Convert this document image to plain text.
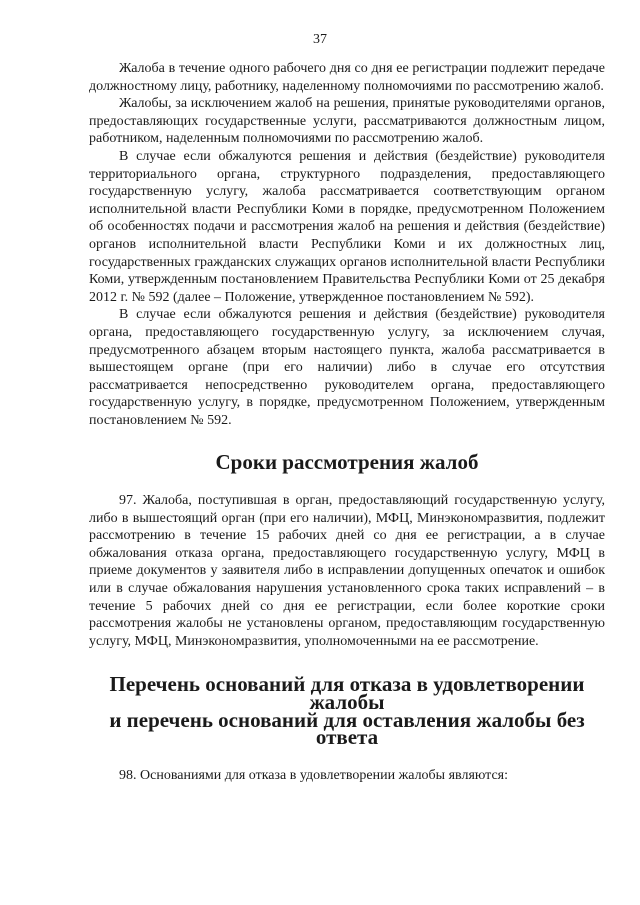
37

Жалоба в течение одного рабочего дня со дня ее регистрации подлежит передаче должностному лицу, работнику, наделенному полномочиями по рассмотрению жалоб.

Жалобы, за исключением жалоб на решения, принятые руководителями органов, предоставляющих государственные услуги, рассматриваются должностным лицом, работником, наделенным полномочиями по рассмотрению жалоб.

В случае если обжалуются решения и действия (бездействие) руководителя территориального органа, структурного подразделения, предоставляющего государственную услугу, жалоба рассматривается соответствующим органом исполнительной власти Республики Коми в порядке, предусмотренном Положением об особенностях подачи и рассмотрения жалоб на решения и действия (бездействие) органов исполнительной власти Республики Коми и их должностных лиц, государственных гражданских служащих органов исполнительной власти Республики Коми, утвержденным постановлением Правительства Республики Коми от 25 декабря 2012 г. № 592 (далее – Положение, утвержденное постановлением № 592).

В случае если обжалуются решения и действия (бездействие) руководителя органа, предоставляющего государственную услугу, за исключением случая, предусмотренного абзацем вторым настоящего пункта, жалоба рассматривается в вышестоящем органе (при его наличии) либо в случае его отсутствия рассматривается непосредственно руководителем органа, предоставляющего государственную услугу, в порядке, предусмотренном Положением, утвержденным постановлением № 592.

Сроки рассмотрения жалоб

97. Жалоба, поступившая в орган, предоставляющий государственную услугу, либо в вышестоящий орган (при его наличии), МФЦ, Минэкономразвития, подлежит рассмотрению в течение 15 рабочих дней со дня ее регистрации, а в случае обжалования отказа органа, предоставляющего государственную услугу, МФЦ в приеме документов у заявителя либо в исправлении допущенных опечаток и ошибок или в случае обжалования нарушения установленного срока таких исправлений – в течение 5 рабочих дней со дня ее регистрации, если более короткие сроки рассмотрения жалобы не установлены органом, предоставляющим государственную услугу, МФЦ, Минэкономразвития, уполномоченными на ее рассмотрение.

Перечень оснований для отказа в удовлетворении жалобы
и перечень оснований для оставления жалобы без ответа

98. Основаниями для отказа в удовлетворении жалобы являются:
